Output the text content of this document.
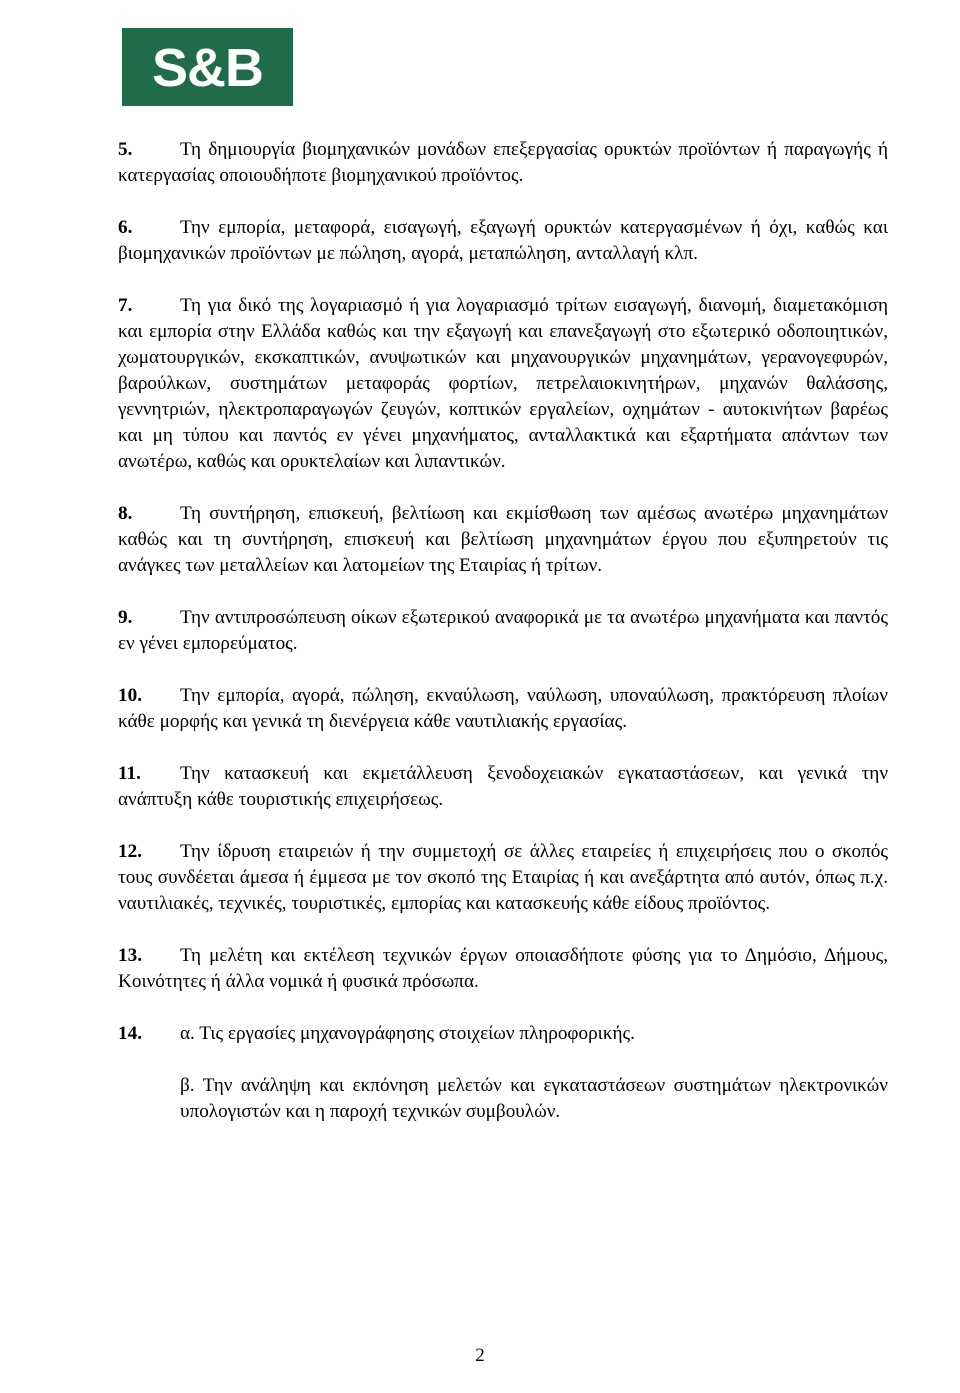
S&B
5. Τη δημιουργία βιομηχανικών μονάδων επεξεργασίας ορυκτών προϊόντων ή παραγωγής ή κατεργασίας οποιουδήποτε βιομηχανικού προϊόντος.
6. Την εμπορία, μεταφορά, εισαγωγή, εξαγωγή ορυκτών κατεργασμένων ή όχι, καθώς και βιομηχανικών προϊόντων με πώληση, αγορά, μεταπώληση, ανταλλαγή κλπ.
7. Τη για δικό της λογαριασμό ή για λογαριασμό τρίτων εισαγωγή, διανομή, διαμετακόμιση και εμπορία στην Ελλάδα καθώς και την εξαγωγή και επανεξαγωγή στο εξωτερικό οδοποιητικών, χωματουργικών, εκσκαπτικών, ανυψωτικών και μηχανουργικών μηχανημάτων, γερανογεφυρών, βαρούλκων, συστημάτων μεταφοράς φορτίων, πετρελαιοκινητήρων, μηχανών θαλάσσης, γεννητριών, ηλεκτροπαραγωγών ζευγών, κοπτικών εργαλείων, οχημάτων - αυτοκινήτων βαρέως και μη τύπου και παντός εν γένει μηχανήματος, ανταλλακτικά και εξαρτήματα απάντων των ανωτέρω, καθώς και ορυκτελαίων και λιπαντικών.
8. Τη συντήρηση, επισκευή, βελτίωση και εκμίσθωση των αμέσως ανωτέρω μηχανημάτων καθώς και τη συντήρηση, επισκευή και βελτίωση μηχανημάτων έργου που εξυπηρετούν τις ανάγκες των μεταλλείων και λατομείων της Εταιρίας ή τρίτων.
9. Την αντιπροσώπευση οίκων εξωτερικού αναφορικά με τα ανωτέρω μηχανήματα και παντός εν γένει εμπορεύματος.
10. Την εμπορία, αγορά, πώληση, εκναύλωση, ναύλωση, υποναύλωση, πρακτόρευση πλοίων κάθε μορφής και γενικά τη διενέργεια κάθε ναυτιλιακής εργασίας.
11. Την κατασκευή και εκμετάλλευση ξενοδοχειακών εγκαταστάσεων, και γενικά την ανάπτυξη κάθε τουριστικής επιχειρήσεως.
12. Την ίδρυση εταιρειών ή την συμμετοχή σε άλλες εταιρείες ή επιχειρήσεις που ο σκοπός τους συνδέεται άμεσα ή έμμεσα με τον σκοπό της Εταιρίας ή και ανεξάρτητα από αυτόν, όπως π.χ. ναυτιλιακές, τεχνικές, τουριστικές, εμπορίας και κατασκευής κάθε είδους προϊόντος.
13. Τη μελέτη και εκτέλεση τεχνικών έργων οποιασδήποτε φύσης για το Δημόσιο, Δήμους, Κοινότητες ή άλλα νομικά ή φυσικά πρόσωπα.
14. α. Τις εργασίες μηχανογράφησης στοιχείων πληροφορικής.
β. Την ανάληψη και εκπόνηση μελετών και εγκαταστάσεων συστημάτων ηλεκτρονικών υπολογιστών και η παροχή τεχνικών συμβουλών.
2
